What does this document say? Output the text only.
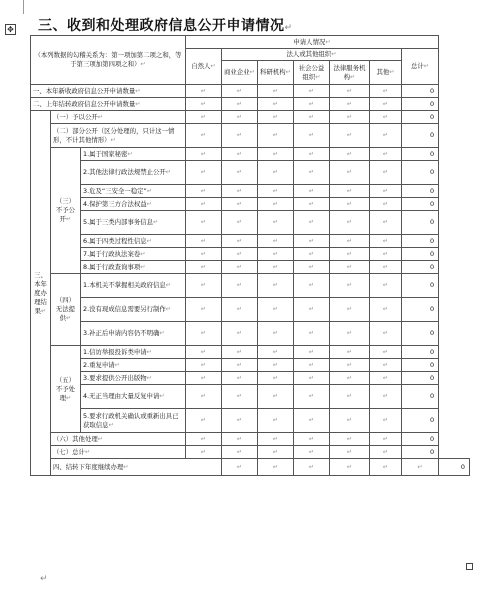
✥ 三、收到和处理政府信息公开申请情况↵
（本列数据的勾稽关系为：第一项加第二项之和，等于第三项加第四项之和）↵			申请人情况↵							
			自然人↵	法人或其他组织↵					总计↵	
				商业企业↵	科研机构↵	社会公益组织↵	法律服务机构↵	其他↵		
一、本年新收政府信息公开申请数量↵			↵	↵	↵	↵	↵	↵	0	
二、上年结转政府信息公开申请数量↵			↵	↵	↵	↵	↵	↵	0	
三、本年度办理结果↵	（一）予以公开↵		↵	↵	↵	↵	↵	↵	0	
	（二）部分公开（区分处理的，只计这一情形，不计其他情形）↵		↵	↵	↵	↵	↵	↵	0	
	（三）不予公开↵	1.属于国家秘密↵	↵	↵	↵	↵	↵	↵	0	
		2.其他法律行政法规禁止公开↵	↵	↵	↵	↵	↵	↵	0	
		3.危及“三安全一稳定”↵	↵	↵	↵	↵	↵	↵	0	
		4.保护第三方合法权益↵	↵	↵	↵	↵	↵	↵	0	
		5.属于三类内部事务信息↵	↵	↵	↵	↵	↵	↵	0	
		6.属于四类过程性信息↵	↵	↵	↵	↵	↵	↵	0	
		7.属于行政执法案卷↵	↵	↵	↵	↵	↵	↵	0	
		8.属于行政查询事项↵	↵	↵	↵	↵	↵	↵	0	
	（四）无法提供↵	1.本机关不掌握相关政府信息↵	↵	↵	↵	↵	↵	↵	0	
		2.没有现成信息需要另行制作↵	↵	↵	↵	↵	↵	↵	0	
		3.补正后申请内容仍不明确↵	↵	↵	↵	↵	↵	↵	0	
	（五）不予处理↵	1.信访举报投诉类申请↵	↵	↵	↵	↵	↵	↵	0	
		2.重复申请↵	↵	↵	↵	↵	↵	↵	0	
		3.要求提供公开出版物↵	↵	↵	↵	↵	↵	↵	0	
		4.无正当理由大量反复申请↵	↵	↵	↵	↵	↵	↵	0	
		5.要求行政机关确认或重新出具已获取信息↵	↵	↵	↵	↵	↵	↵	0	
	（六）其他处理↵		↵	↵	↵	↵	↵	↵	0	
	（七）总计↵		↵	↵	↵	↵	↵	↵	0	
	四、结转下年度继续办理↵			↵	↵	↵	↵	↵	↵	0
↵
